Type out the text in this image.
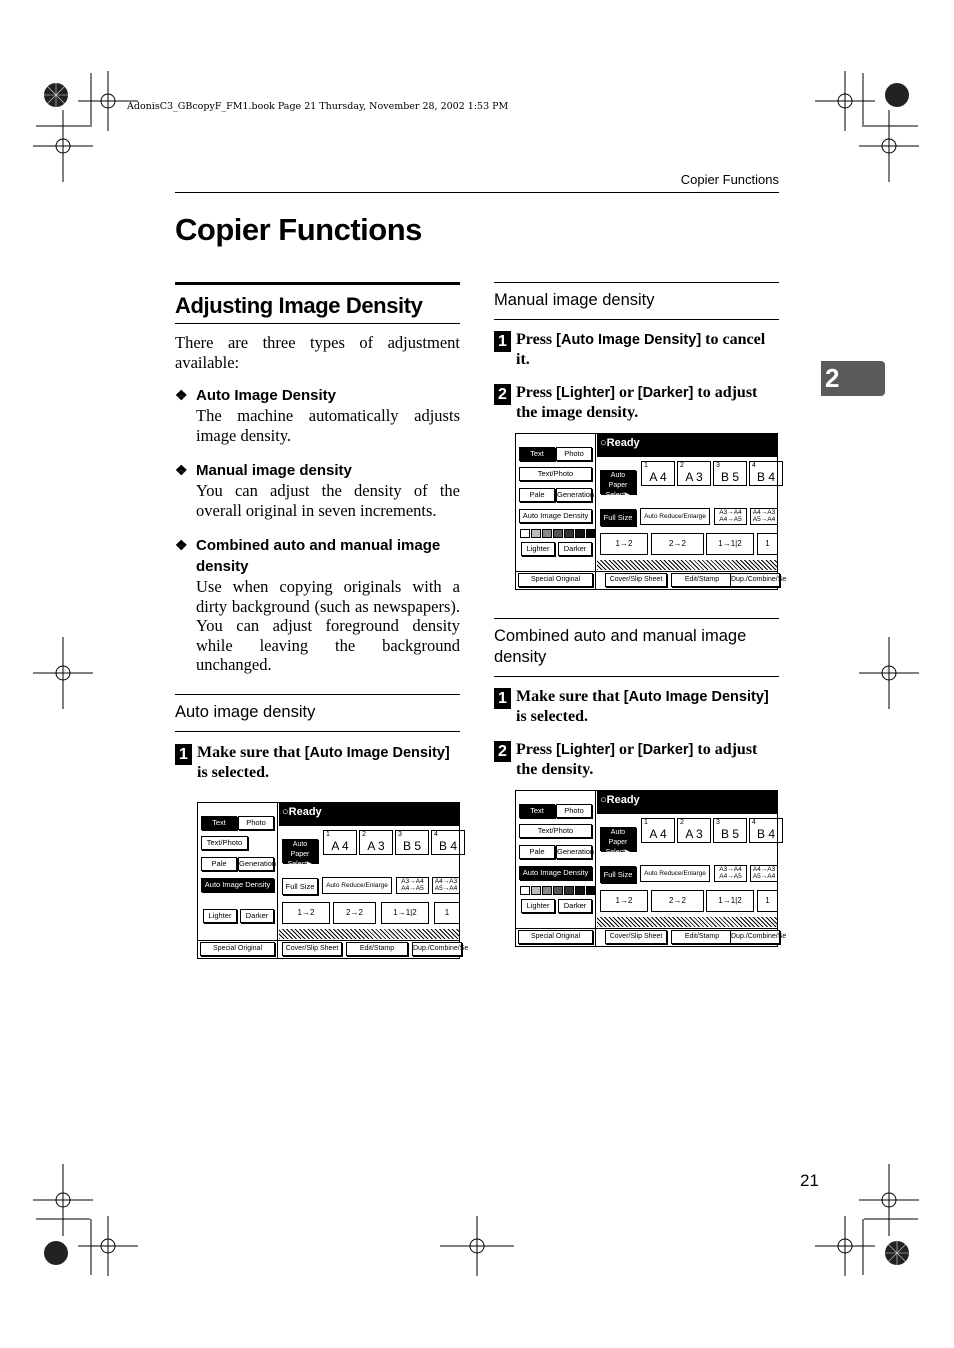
AdonisC3_GBcopyF_FM1.book Page 21 Thursday, November 28, 2002 1:53 PM
Copier Functions
Copier Functions
Adjusting Image Density
There are three types of adjustment available:
❖ Auto Image Density
The machine automatically adjusts image density.
❖ Manual image density
You can adjust the density of the overall original in seven increments.
❖ Combined auto and manual image density
Use when copying originals with a dirty background (such as newspapers). You can adjust foreground density while leaving the background unchanged.
Auto image density
1 Make sure that [Auto Image Density] is selected.
Text	Photo
Text/Photo
Pale	Generation
Auto Image Density
Lighter	Darker
○Ready
Auto Paper Select▶
1
A 4
2
A 3
3
B 5
4
B 4
Full Size	Auto Reduce/Enlarge
A3→A4 A4→A5
A4→A3 A5→A4
1→2	2→2	1→1|2	1
Special Original	Cover/Slip Sheet	Edit/Stamp	Dup./Combine/Se
Manual image density
1 Press [Auto Image Density] to cancel it.
2 Press [Lighter] or [Darker] to adjust the image density.
Text	Photo
Text/Photo
Pale	Generation
Auto Image Density
Lighter	Darker
○Ready
Auto Paper Select▶
1
A 4
2
A 3
3
B 5
4
B 4
Full Size	Auto Reduce/Enlarge
A3→A4 A4→A5
A4→A3 A5→A4
1→2	2→2	1→1|2	1
Special Original	Cover/Slip Sheet	Edit/Stamp	Dup./Combine/Se
Combined auto and manual image density
1 Make sure that [Auto Image Density] is selected.
2 Press [Lighter] or [Darker] to adjust the density.
Text	Photo
Text/Photo
Pale	Generation
Auto Image Density
Lighter	Darker
○Ready
Auto Paper Select▶
1
A 4
2
A 3
3
B 5
4
B 4
Full Size	Auto Reduce/Enlarge
A3→A4 A4→A5
A4→A3 A5→A4
1→2	2→2	1→1|2	1
Special Original	Cover/Slip Sheet	Edit/Stamp	Dup./Combine/Se
2
21
